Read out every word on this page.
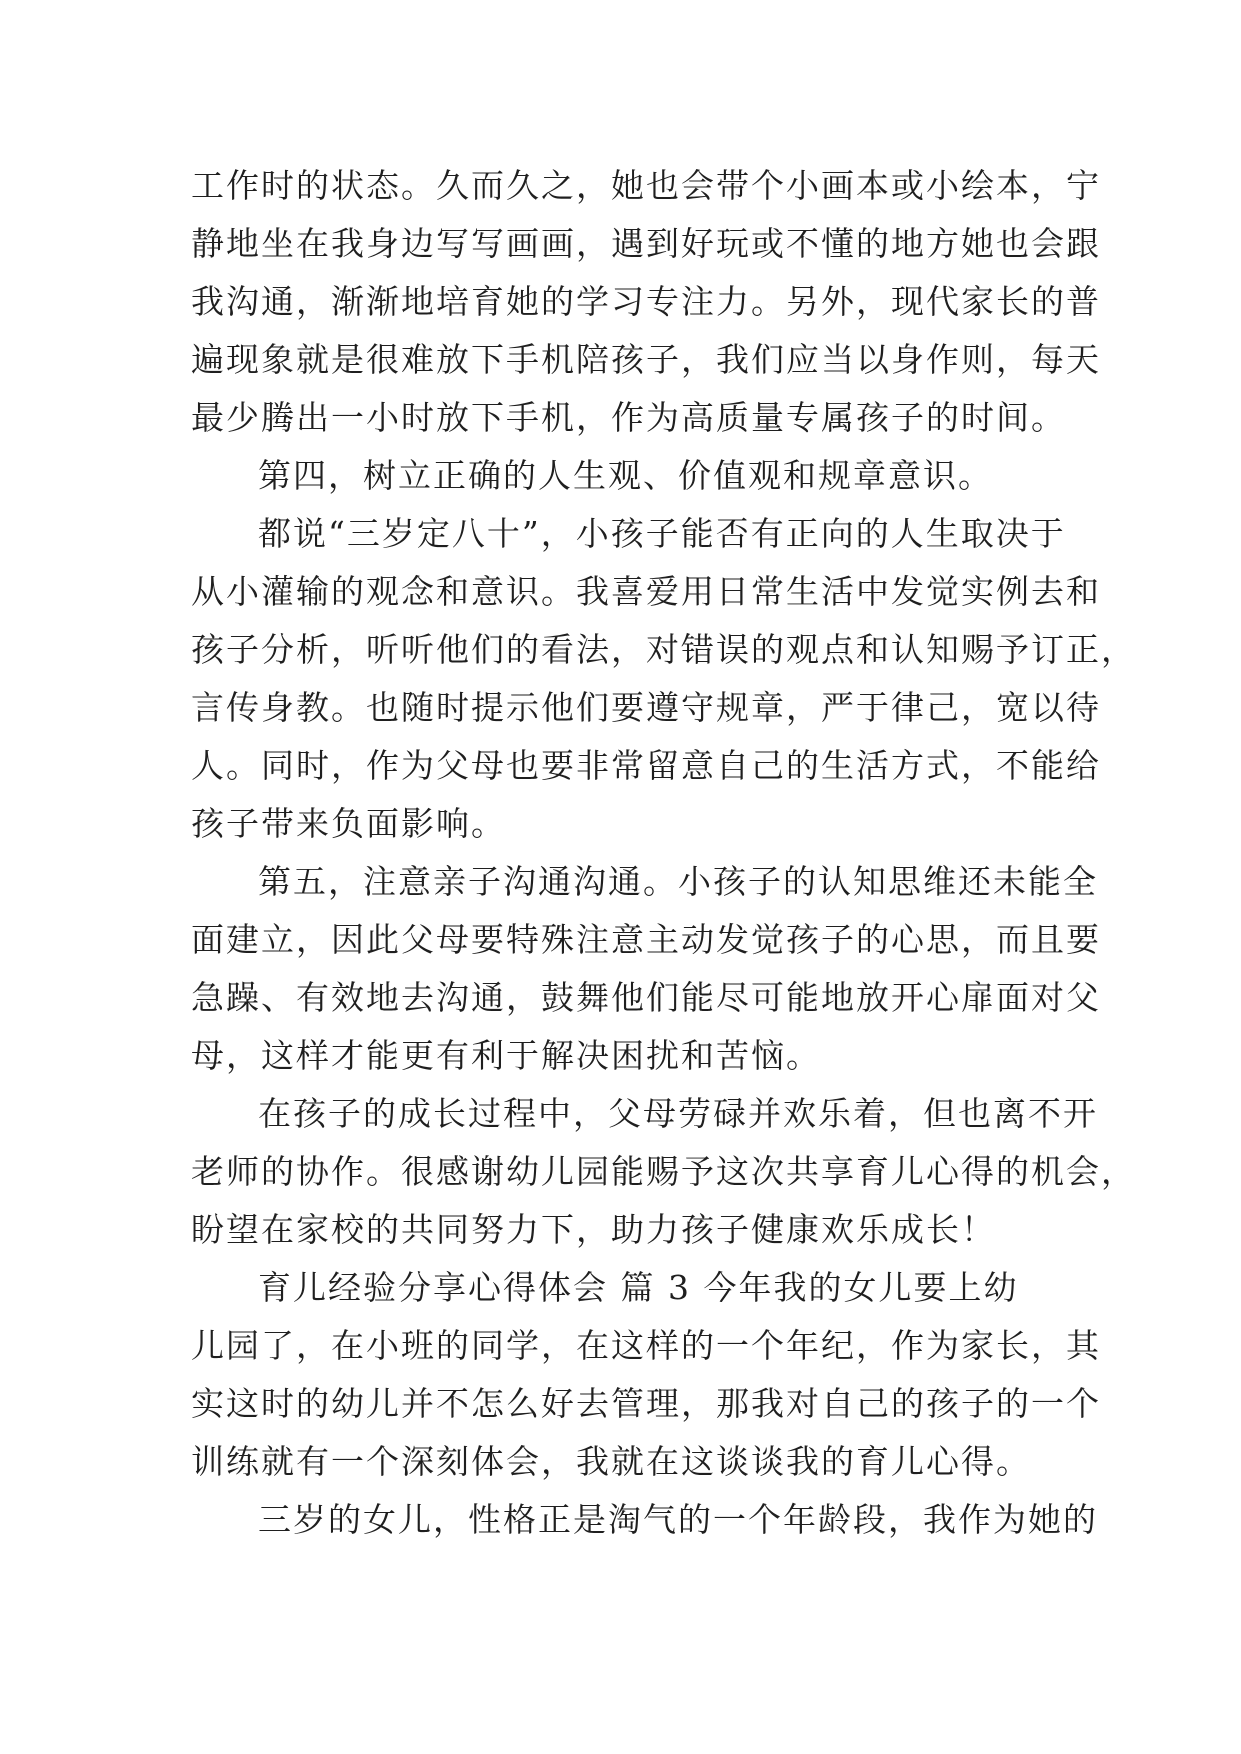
工作时的状态。久而久之，她也会带个小画本或小绘本，宁
静地坐在我身边写写画画，遇到好玩或不懂的地方她也会跟
我沟通，渐渐地培育她的学习专注力。另外，现代家长的普
遍现象就是很难放下手机陪孩子，我们应当以身作则，每天
最少腾出一小时放下手机，作为高质量专属孩子的时间。
第四，树立正确的人生观、价值观和规章意识。
都说“三岁定八十”，小孩子能否有正向的人生取决于
从小灌输的观念和意识。我喜爱用日常生活中发觉实例去和
孩子分析，听听他们的看法，对错误的观点和认知赐予订正，
言传身教。也随时提示他们要遵守规章，严于律己，宽以待
人。同时，作为父母也要非常留意自己的生活方式，不能给
孩子带来负面影响。
第五，注意亲子沟通沟通。小孩子的认知思维还未能全
面建立，因此父母要特殊注意主动发觉孩子的心思，而且要
急躁、有效地去沟通，鼓舞他们能尽可能地放开心扉面对父
母，这样才能更有利于解决困扰和苦恼。
在孩子的成长过程中，父母劳碌并欢乐着，但也离不开
老师的协作。很感谢幼儿园能赐予这次共享育儿心得的机会，
盼望在家校的共同努力下，助力孩子健康欢乐成长！
育儿经验分享心得体会 篇 3 今年我的女儿要上幼
儿园了，在小班的同学，在这样的一个年纪，作为家长，其
实这时的幼儿并不怎么好去管理，那我对自己的孩子的一个
训练就有一个深刻体会，我就在这谈谈我的育儿心得。
三岁的女儿，性格正是淘气的一个年龄段，我作为她的
